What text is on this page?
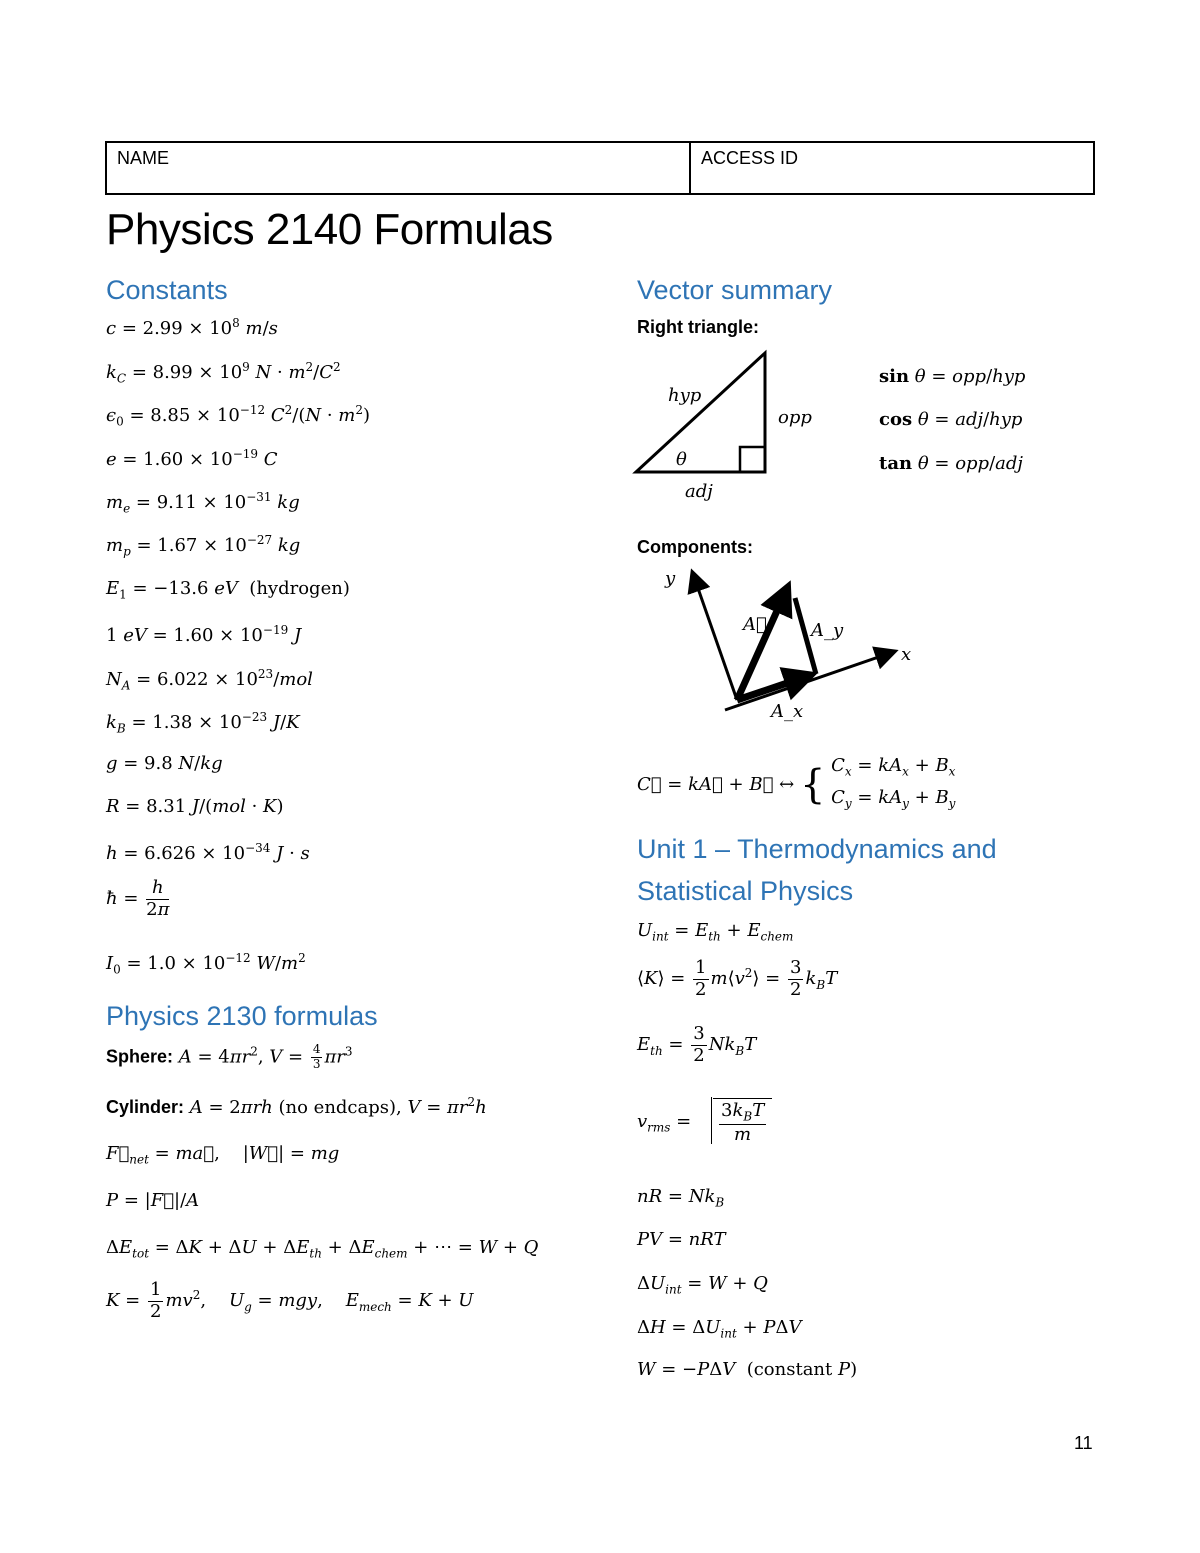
NAME	ACCESS ID
Physics 2140 Formulas
Constants
$c = 2.99 \times 10^8$ m/s
$k_C = 8.99 \times 10^9$ $N \cdot m^2/C^2$
$\epsilon_0 = 8.85 \times 10^{-12}$ $C^2/(N \cdot m^2)$
$e = 1.60 \times 10^{-19}$ C
$m_e = 9.11 \times 10^{-31}$ kg
$m_p = 1.67 \times 10^{-27}$ kg
$E_1 = -13.6$ eV  (hydrogen)
1 eV = $1.60 \times 10^{-19}$ J
$N_A = 6.022 \times 10^{23}/mol$
$k_B = 1.38 \times 10^{-23}$ J/K
g = 9.8 N/kg
R = 8.31 J/(mol · K)
$h = 6.626 \times 10^{-34}$ J · s
ħ = $\frac{h}{2\pi}$
$I_0 = 1.0 \times 10^{-12}$ $W/m^2$
Physics 2130 formulas
Sphere: $A = 4\pi r^2$, $V = \frac{4}{3} \pi r^3$
Cylinder: A = 2πrh (no endcaps), $V = \pi r^2h$
$F⃗_{net}$ = ma⃗,    |W⃗| = mg
P = |F⃗|/A
$\Delta E_{tot} = \Delta K + \Delta U + \Delta E_{th} + \Delta E_{chem}$ + ⋯ = W + Q
$K = \frac{1}{2} mv^2$,    $U_g$ = mgy,    $E_{mech} = K + U$
Vector summary
Right triangle:
hyp
opp
adj
θ
sin θ = opp/hyp
cos θ = adj/hyp
tan θ = opp/adj
Components:
y
x
A⃗ A_y
A_x
C⃗ = kA⃗ + B⃗ ↔ { $C_x = kA_x + B_x$
$C_y = kA_y + B_y$
Unit 1 – Thermodynamics and
Statistical Physics
$U_{int} = E_{th} + E_{chem}$
⟨K⟩ = $\frac{1}{2}$ $m⟨v^2⟩ = \frac{3}{2} k_BT$
$E_{th} = \frac{3}{2} Nk_BT$
$v_{rms} = \frac{3k_BT}{m}$
nR = $Nk_B$
PV = nRT
$\Delta U_{int} = W + Q$
$\Delta H = \Delta U_{int} + P\Delta V$
W = −PΔV  (constant P)
11
